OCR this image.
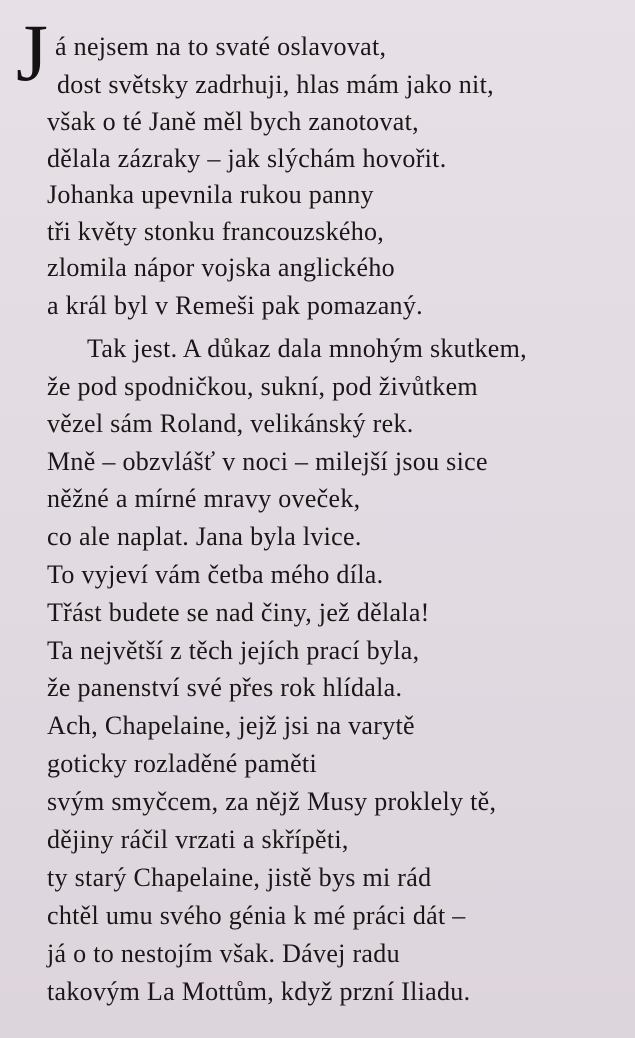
J á nejsem na to svaté oslavovat,
dost světsky zadrhuji, hlas mám jako nit,
však o té Janě měl bych zanotovat,
dělala zázraky – jak slýchám hovořit.
Johanka upevnila rukou panny
tři květy stonku francouzského,
zlomila nápor vojska anglického
a král byl v Remeši pak pomazaný.
Tak jest. A důkaz dala mnohým skutkem,
že pod spodničkou, sukní, pod živůtkem
vězel sám Roland, velikánský rek.
Mně – obzvlášť v noci – milejší jsou sice
něžné a mírné mravy oveček,
co ale naplat. Jana byla lvice.
To vyjeví vám četba mého díla.
Třást budete se nad činy, jež dělala!
Ta největší z těch jejích prací byla,
že panenství své přes rok hlídala.
Ach, Chapelaine, jejž jsi na varytě
goticky rozladěné paměti
svým smyčcem, za nějž Musy proklely tě,
dějiny ráčil vrzati a skřípěti,
ty starý Chapelaine, jistě bys mi rád
chtěl umu svého génia k mé práci dát –
já o to nestojím však. Dávej radu
takovým La Mottům, když przní Iliadu.
